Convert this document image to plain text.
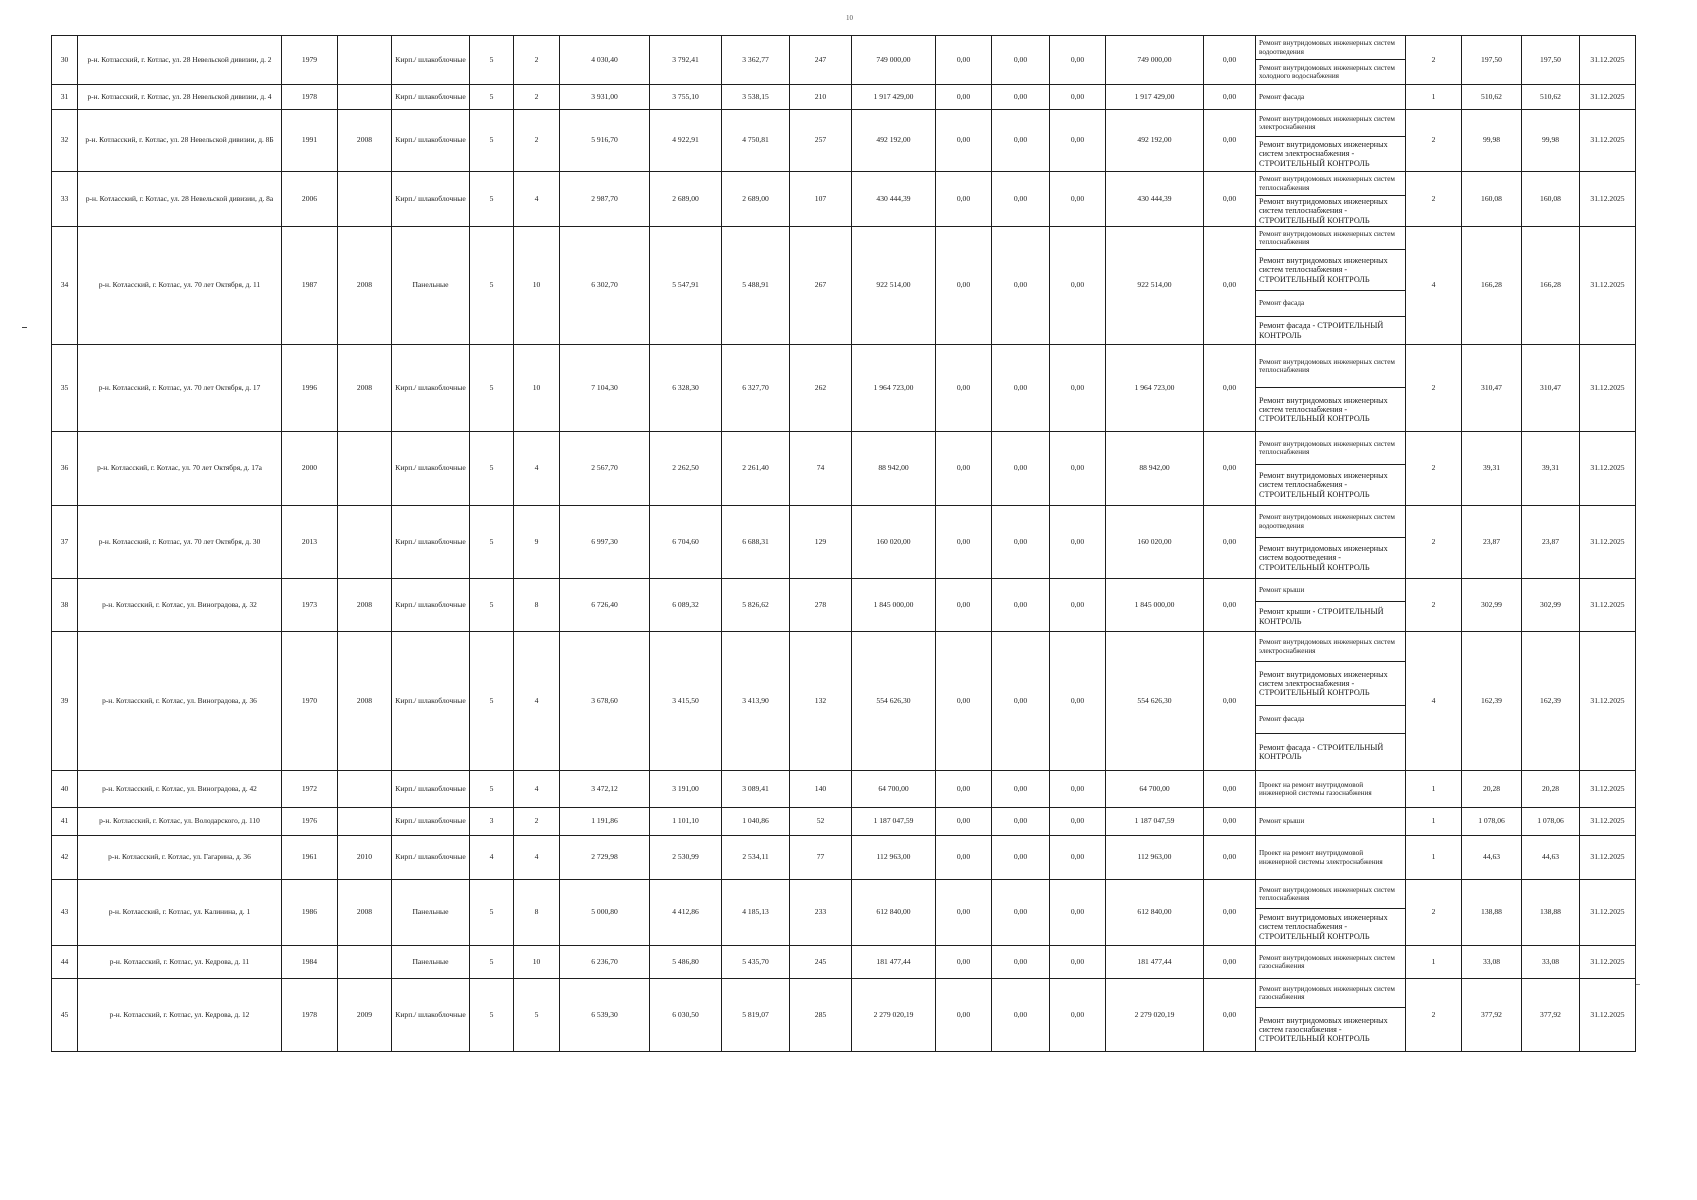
10
30	р-н. Котласский, г. Котлас, ул. 28 Невельской дивизии, д. 2	1979		Кирп./ шлакоблочные	5	2	4 030,40	3 792,41	3 362,77	247	749 000,00	0,00	0,00	0,00	749 000,00	0,00	Ремонт внутридомовых инженерных систем водоотведения
Ремонт внутридомовых инженерных систем холодного водоснабжения	2	197,50	197,50	31.12.2025
31	р-н. Котласский, г. Котлас, ул. 28 Невельской дивизии, д. 4	1978		Кирп./ шлакоблочные	5	2	3 931,00	3 755,10	3 538,15	210	1 917 429,00	0,00	0,00	0,00	1 917 429,00	0,00	Ремонт фасада	1	510,62	510,62	31.12.2025
32	р-н. Котласский, г. Котлас, ул. 28 Невельской дивизии, д. 8Б	1991	2008	Кирп./ шлакоблочные	5	2	5 916,70	4 922,91	4 750,81	257	492 192,00	0,00	0,00	0,00	492 192,00	0,00	Ремонт внутридомовых инженерных систем электроснабжения
Ремонт внутридомовых инженерных систем электроснабжения - СТРОИТЕЛЬНЫЙ КОНТРОЛЬ	2	99,98	99,98	31.12.2025
33	р-н. Котласский, г. Котлас, ул. 28 Невельской дивизии, д. 8а	2006		Кирп./ шлакоблочные	5	4	2 987,70	2 689,00	2 689,00	107	430 444,39	0,00	0,00	0,00	430 444,39	0,00	Ремонт внутридомовых инженерных систем теплоснабжения
Ремонт внутридомовых инженерных систем теплоснабжения - СТРОИТЕЛЬНЫЙ КОНТРОЛЬ	2	160,08	160,08	31.12.2025
34	р-н. Котласский, г. Котлас, ул. 70 лет Октября, д. 11	1987	2008	Панельные	5	10	6 302,70	5 547,91	5 488,91	267	922 514,00	0,00	0,00	0,00	922 514,00	0,00	Ремонт внутридомовых инженерных систем теплоснабжения
Ремонт внутридомовых инженерных систем теплоснабжения - СТРОИТЕЛЬНЫЙ КОНТРОЛЬ
Ремонт фасада
Ремонт фасада - СТРОИТЕЛЬНЫЙ КОНТРОЛЬ	4	166,28	166,28	31.12.2025
35	р-н. Котласский, г. Котлас, ул. 70 лет Октября, д. 17	1996	2008	Кирп./ шлакоблочные	5	10	7 104,30	6 328,30	6 327,70	262	1 964 723,00	0,00	0,00	0,00	1 964 723,00	0,00	Ремонт внутридомовых инженерных систем теплоснабжения
Ремонт внутридомовых инженерных систем теплоснабжения - СТРОИТЕЛЬНЫЙ КОНТРОЛЬ	2	310,47	310,47	31.12.2025
36	р-н. Котласский, г. Котлас, ул. 70 лет Октября, д. 17а	2000		Кирп./ шлакоблочные	5	4	2 567,70	2 262,50	2 261,40	74	88 942,00	0,00	0,00	0,00	88 942,00	0,00	Ремонт внутридомовых инженерных систем теплоснабжения
Ремонт внутридомовых инженерных систем теплоснабжения - СТРОИТЕЛЬНЫЙ КОНТРОЛЬ	2	39,31	39,31	31.12.2025
37	р-н. Котласский, г. Котлас, ул. 70 лет Октября, д. 30	2013		Кирп./ шлакоблочные	5	9	6 997,30	6 704,60	6 688,31	129	160 020,00	0,00	0,00	0,00	160 020,00	0,00	Ремонт внутридомовых инженерных систем водоотведения
Ремонт внутридомовых инженерных систем водоотведения - СТРОИТЕЛЬНЫЙ КОНТРОЛЬ	2	23,87	23,87	31.12.2025
38	р-н. Котласский, г. Котлас, ул. Виноградова, д. 32	1973	2008	Кирп./ шлакоблочные	5	8	6 726,40	6 089,32	5 826,62	278	1 845 000,00	0,00	0,00	0,00	1 845 000,00	0,00	Ремонт крыши
Ремонт крыши - СТРОИТЕЛЬНЫЙ КОНТРОЛЬ	2	302,99	302,99	31.12.2025
39	р-н. Котласский, г. Котлас, ул. Виноградова, д. 36	1970	2008	Кирп./ шлакоблочные	5	4	3 678,60	3 415,50	3 413,90	132	554 626,30	0,00	0,00	0,00	554 626,30	0,00	Ремонт внутридомовых инженерных систем электроснабжения
Ремонт внутридомовых инженерных систем электроснабжения - СТРОИТЕЛЬНЫЙ КОНТРОЛЬ
Ремонт фасада
Ремонт фасада - СТРОИТЕЛЬНЫЙ КОНТРОЛЬ	4	162,39	162,39	31.12.2025
40	р-н. Котласский, г. Котлас, ул. Виноградова, д. 42	1972		Кирп./ шлакоблочные	5	4	3 472,12	3 191,00	3 089,41	140	64 700,00	0,00	0,00	0,00	64 700,00	0,00	Проект на ремонт внутридомовой инженерной системы газоснабжения	1	20,28	20,28	31.12.2025
41	р-н. Котласский, г. Котлас, ул. Володарского, д. 110	1976		Кирп./ шлакоблочные	3	2	1 191,86	1 101,10	1 040,86	52	1 187 047,59	0,00	0,00	0,00	1 187 047,59	0,00	Ремонт крыши	1	1 078,06	1 078,06	31.12.2025
42	р-н. Котласский, г. Котлас, ул. Гагарина, д. 36	1961	2010	Кирп./ шлакоблочные	4	4	2 729,98	2 530,99	2 534,11	77	112 963,00	0,00	0,00	0,00	112 963,00	0,00	Проект на ремонт внутридомовой инженерной системы электроснабжения	1	44,63	44,63	31.12.2025
43	р-н. Котласский, г. Котлас, ул. Калинина, д. 1	1986	2008	Панельные	5	8	5 000,80	4 412,86	4 185,13	233	612 840,00	0,00	0,00	0,00	612 840,00	0,00	Ремонт внутридомовых инженерных систем теплоснабжения
Ремонт внутридомовых инженерных систем теплоснабжения - СТРОИТЕЛЬНЫЙ КОНТРОЛЬ	2	138,88	138,88	31.12.2025
44	р-н. Котласский, г. Котлас, ул. Кедрова, д. 11	1984		Панельные	5	10	6 236,70	5 486,80	5 435,70	245	181 477,44	0,00	0,00	0,00	181 477,44	0,00	Ремонт внутридомовых инженерных систем газоснабжения	1	33,08	33,08	31.12.2025
45	р-н. Котласский, г. Котлас, ул. Кедрова, д. 12	1978	2009	Кирп./ шлакоблочные	5	5	6 539,30	6 030,50	5 819,07	285	2 279 020,19	0,00	0,00	0,00	2 279 020,19	0,00	Ремонт внутридомовых инженерных систем газоснабжения
Ремонт внутридомовых инженерных систем газоснабжения - СТРОИТЕЛЬНЫЙ КОНТРОЛЬ	2	377,92	377,92	31.12.2025
